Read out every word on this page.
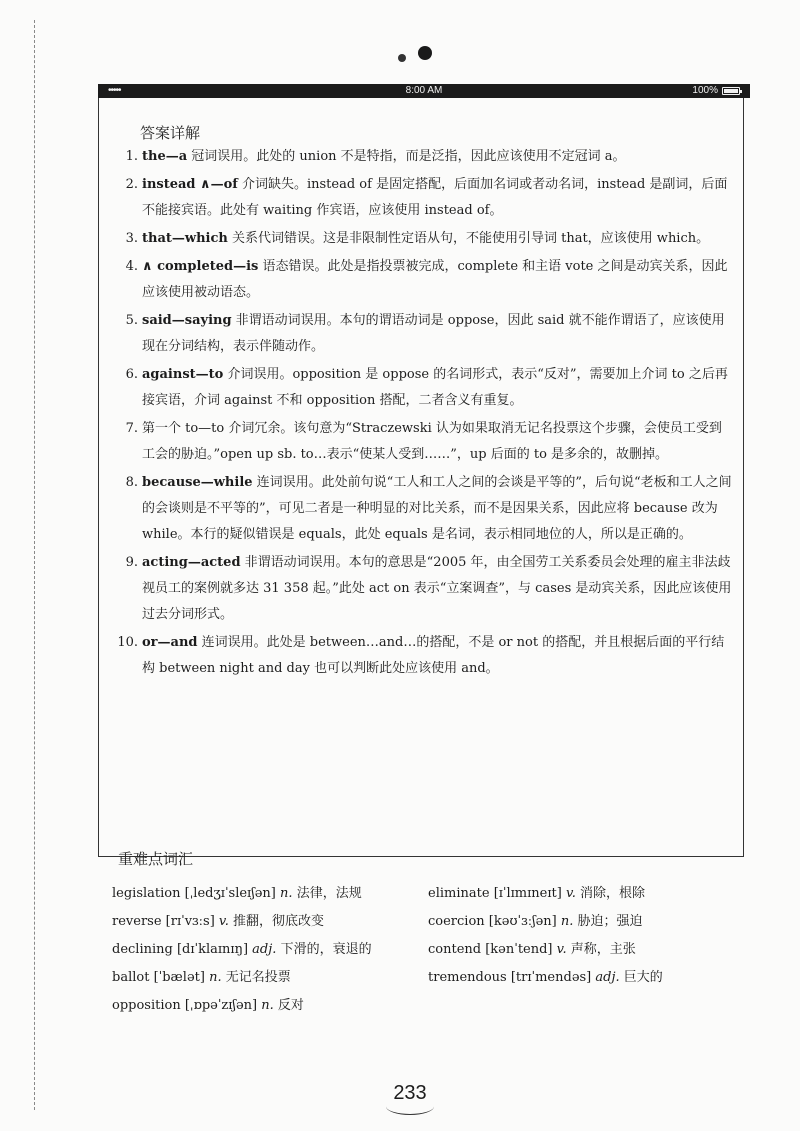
•••••	8:00 AM	100%
答案详解
1. the—a 冠词误用。此处的 union 不是特指，而是泛指，因此应该使用不定冠词 a。
2. instead ∧—of 介词缺失。instead of 是固定搭配，后面加名词或者动名词，instead 是副词，后面不能接宾语。此处有 waiting 作宾语，应该使用 instead of。
3. that—which 关系代词错误。这是非限制性定语从句，不能使用引导词 that，应该使用 which。
4. ∧ completed—is 语态错误。此处是指投票被完成，complete 和主语 vote 之间是动宾关系，因此应该使用被动语态。
5. said—saying 非谓语动词误用。本句的谓语动词是 oppose，因此 said 就不能作谓语了，应该使用现在分词结构，表示伴随动作。
6. against—to 介词误用。opposition 是 oppose 的名词形式，表示“反对”，需要加上介词 to 之后再接宾语，介词 against 不和 opposition 搭配，二者含义有重复。
7. 第一个 to—to 介词冗余。该句意为“Straczewski 认为如果取消无记名投票这个步骤，会使员工受到工会的胁迫。”open up sb. to…表示“使某人受到……”，up 后面的 to 是多余的，故删掉。
8. because—while 连词误用。此处前句说“工人和工人之间的会谈是平等的”，后句说“老板和工人之间的会谈则是不平等的”，可见二者是一种明显的对比关系，而不是因果关系，因此应将 because 改为 while。本行的疑似错误是 equals，此处 equals 是名词，表示相同地位的人，所以是正确的。
9. acting—acted 非谓语动词误用。本句的意思是“2005 年，由全国劳工关系委员会处理的雇主非法歧视员工的案例就多达 31 358 起。”此处 act on 表示“立案调查”，与 cases 是动宾关系，因此应该使用过去分词形式。
10. or—and 连词误用。此处是 between…and…的搭配，不是 or not 的搭配，并且根据后面的平行结构 between night and day 也可以判断此处应该使用 and。
重难点词汇
legislation [ˌledʒɪˈsleɪʃən] n. 法律，法规
reverse [rɪˈvɜːs] v. 推翻，彻底改变
declining [dɪˈklaɪnɪŋ] adj. 下滑的，衰退的
ballot [ˈbælət] n. 无记名投票
opposition [ˌɒpəˈzɪʃən] n. 反对
eliminate [ɪˈlɪmɪneɪt] v. 消除，根除
coercion [kəʊˈɜːʃən] n. 胁迫；强迫
contend [kənˈtend] v. 声称，主张
tremendous [trɪˈmendəs] adj. 巨大的
233
